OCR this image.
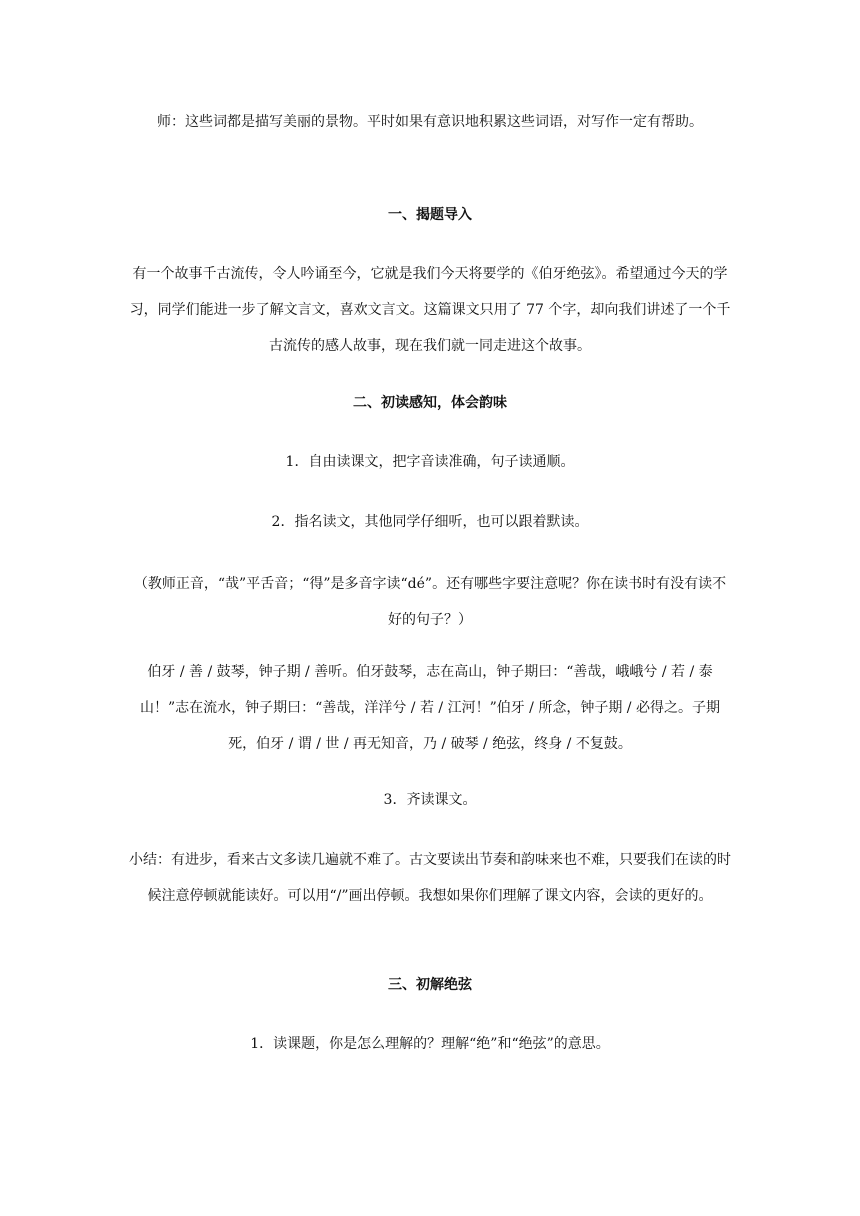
师：这些词都是描写美丽的景物。平时如果有意识地积累这些词语，对写作一定有帮助。

一、揭题导入

有一个故事千古流传，令人吟诵至今，它就是我们今天将要学的《伯牙绝弦》。希望通过今天的学习，同学们能进一步了解文言文，喜欢文言文。这篇课文只用了 77 个字，却向我们讲述了一个千古流传的感人故事，现在我们就一同走进这个故事。

二、初读感知，体会韵味

1．自由读课文，把字音读准确，句子读通顺。

2．指名读文，其他同学仔细听，也可以跟着默读。

（教师正音，“哉”平舌音；“得”是多音字读“dé”。还有哪些字要注意呢？你在读书时有没有读不好的句子？）

伯牙 / 善 / 鼓琴，钟子期 / 善听。伯牙鼓琴，志在高山，钟子期曰：“善哉，峨峨兮 / 若 / 泰山！”志在流水，钟子期曰：“善哉，洋洋兮 / 若 / 江河！”伯牙 / 所念，钟子期 / 必得之。子期死，伯牙 / 谓 / 世 / 再无知音，乃 / 破琴 / 绝弦，终身 / 不复鼓。

3．齐读课文。

小结：有进步，看来古文多读几遍就不难了。古文要读出节奏和韵味来也不难，只要我们在读的时候注意停顿就能读好。可以用“/”画出停顿。我想如果你们理解了课文内容，会读的更好的。

三、初解绝弦

1．读课题，你是怎么理解的？理解“绝”和“绝弦”的意思。
